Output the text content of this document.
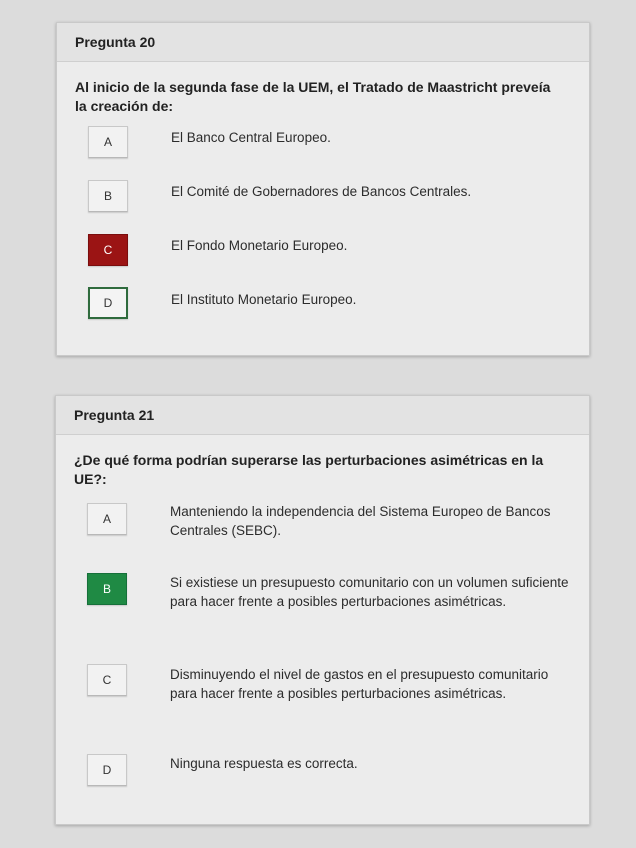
Pregunta 20
Al inicio de la segunda fase de la UEM, el Tratado de Maastricht preveía la creación de:
A	El Banco Central Europeo.
B	El Comité de Gobernadores de Bancos Centrales.
C	El Fondo Monetario Europeo.
D	El Instituto Monetario Europeo.
Pregunta 21
¿De qué forma podrían superarse las perturbaciones asimétricas en la UE?:
A	Manteniendo la independencia del Sistema Europeo de Bancos Centrales (SEBC).
B	Si existiese un presupuesto comunitario con un volumen suficiente para hacer frente a posibles perturbaciones asimétricas.
C	Disminuyendo el nivel de gastos en el presupuesto comunitario para hacer frente a posibles perturbaciones asimétricas.
D	Ninguna respuesta es correcta.
